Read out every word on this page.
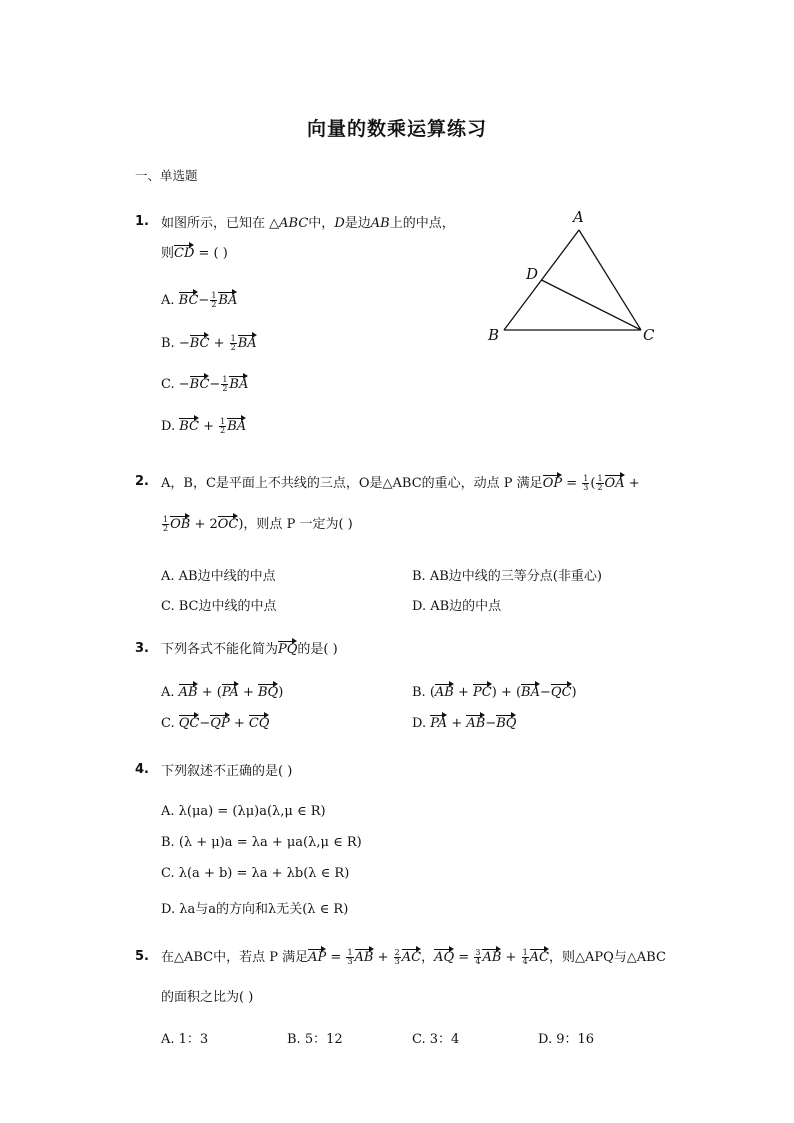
向量的数乘运算练习
一、单选题
1. 如图所示，已知在 △ABC中，D是边AB上的中点，
则CD = ( )
A. $BC- \frac{1}{2}$ BA
B. $-BC + \frac{1}{2}$ BA
C. $-BC- \frac{1}{2}$ BA
D. BC + $\frac{1}{2}$ BA
A
B	C
D
2. A，B，C是平面上不共线的三点，O是△ABC的重心，动点 P 满足OP = $\frac{1}{3}$ ( $\frac{1}{2}$ OA +
$\frac{1}{2}$ OB + 2OC)，则点 P 一定为( )
A. AB边中线的中点	B. AB边中线的三等分点(非重心)
C. BC边中线的中点	D. AB边的中点
3. 下列各式不能化简为PQ的是( )
A. AB + (PA + BQ)	B. (AB + PC) + (BA−QC)
C. QC−QP + CQ	D. PA + AB−BQ
4. 下列叙述不正确的是( )
A. λ(μa) = (λμ)a(λ,μ ∈ R)
B. (λ + μ)a = λa + μa(λ,μ ∈ R)
C. λ(a + b) = λa + λb(λ ∈ R)
D. λa与a的方向和λ无关(λ ∈ R)
5. 在△ABC中，若点 P 满足AP = $\frac{1}{3}$ AB + $\frac{2}{3}$ AC，AQ = $\frac{3}{4}$ AB + $\frac{1}{4}$ AC，则△APQ与△ABC
的面积之比为( )
A. 1：3	B. 5：12	C. 3：4	D. 9：16
